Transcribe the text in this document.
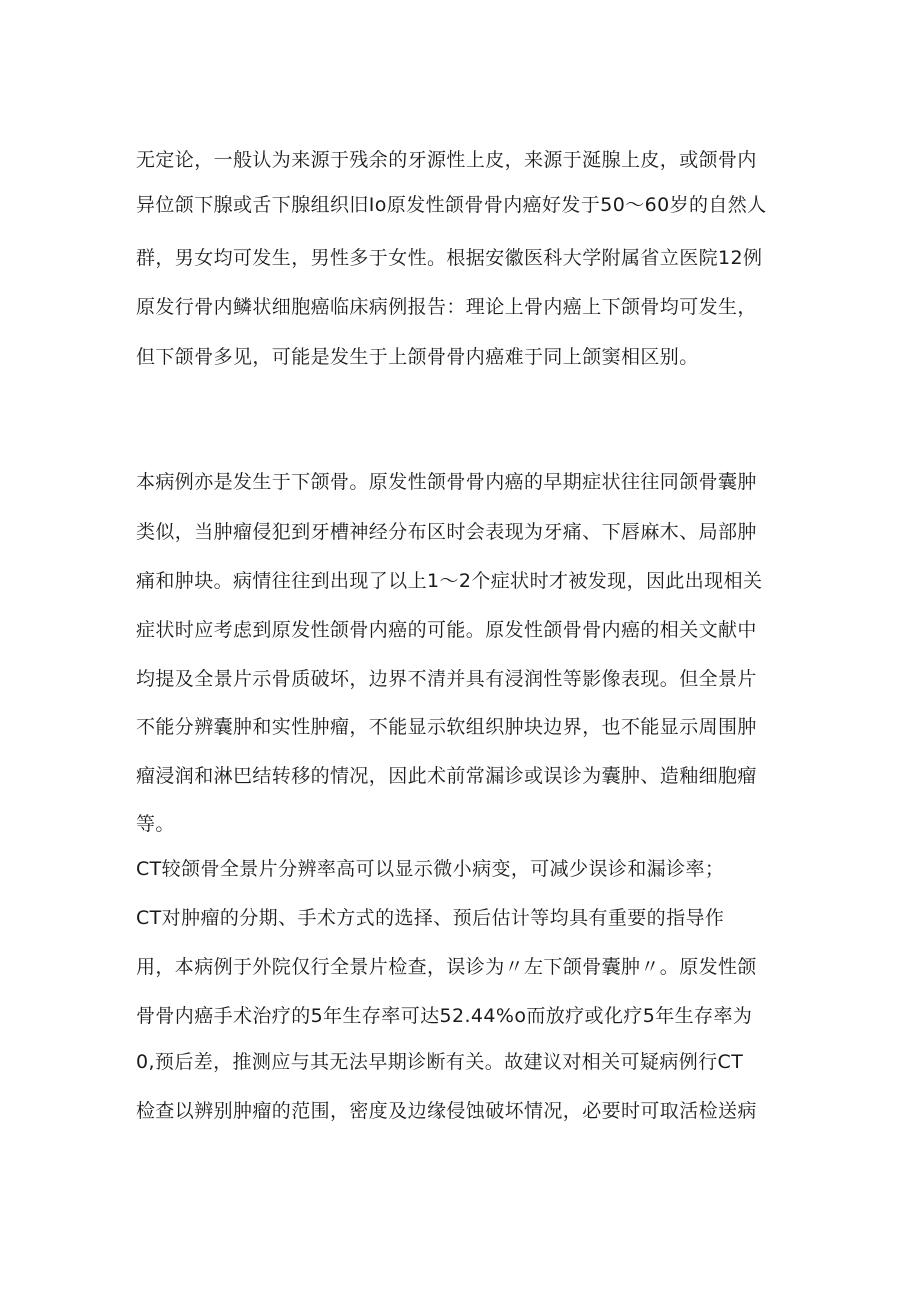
无定论，一般认为来源于残余的牙源性上皮，来源于涎腺上皮，或颌骨内

异位颌下腺或舌下腺组织旧Io原发性颌骨骨内癌好发于50～60岁的自然人

群，男女均可发生，男性多于女性。根据安徽医科大学附属省立医院12例

原发行骨内鳞状细胞癌临床病例报告：理论上骨内癌上下颌骨均可发生，

但下颌骨多见，可能是发生于上颌骨骨内癌难于同上颌窦相区别。

本病例亦是发生于下颌骨。原发性颌骨骨内癌的早期症状往往同颌骨囊肿

类似，当肿瘤侵犯到牙槽神经分布区时会表现为牙痛、下唇麻木、局部肿

痛和肿块。病情往往到出现了以上1～2个症状时才被发现，因此出现相关

症状时应考虑到原发性颌骨内癌的可能。原发性颌骨骨内癌的相关文献中

均提及全景片示骨质破坏，边界不清并具有浸润性等影像表现。但全景片

不能分辨囊肿和实性肿瘤，不能显示软组织肿块边界，也不能显示周围肿

瘤浸润和淋巴结转移的情况，因此术前常漏诊或误诊为囊肿、造釉细胞瘤

等。

CT较颌骨全景片分辨率高可以显示微小病变，可减少误诊和漏诊率；

CT对肿瘤的分期、手术方式的选择、预后估计等均具有重要的指导作

用，本病例于外院仅行全景片检查，误诊为〃左下颌骨囊肿〃。原发性颌

骨骨内癌手术治疗的5年生存率可达52.44%o而放疗或化疗5年生存率为

0,预后差，推测应与其无法早期诊断有关。故建议对相关可疑病例行CT

检查以辨别肿瘤的范围，密度及边缘侵蚀破坏情况，必要时可取活检送病
